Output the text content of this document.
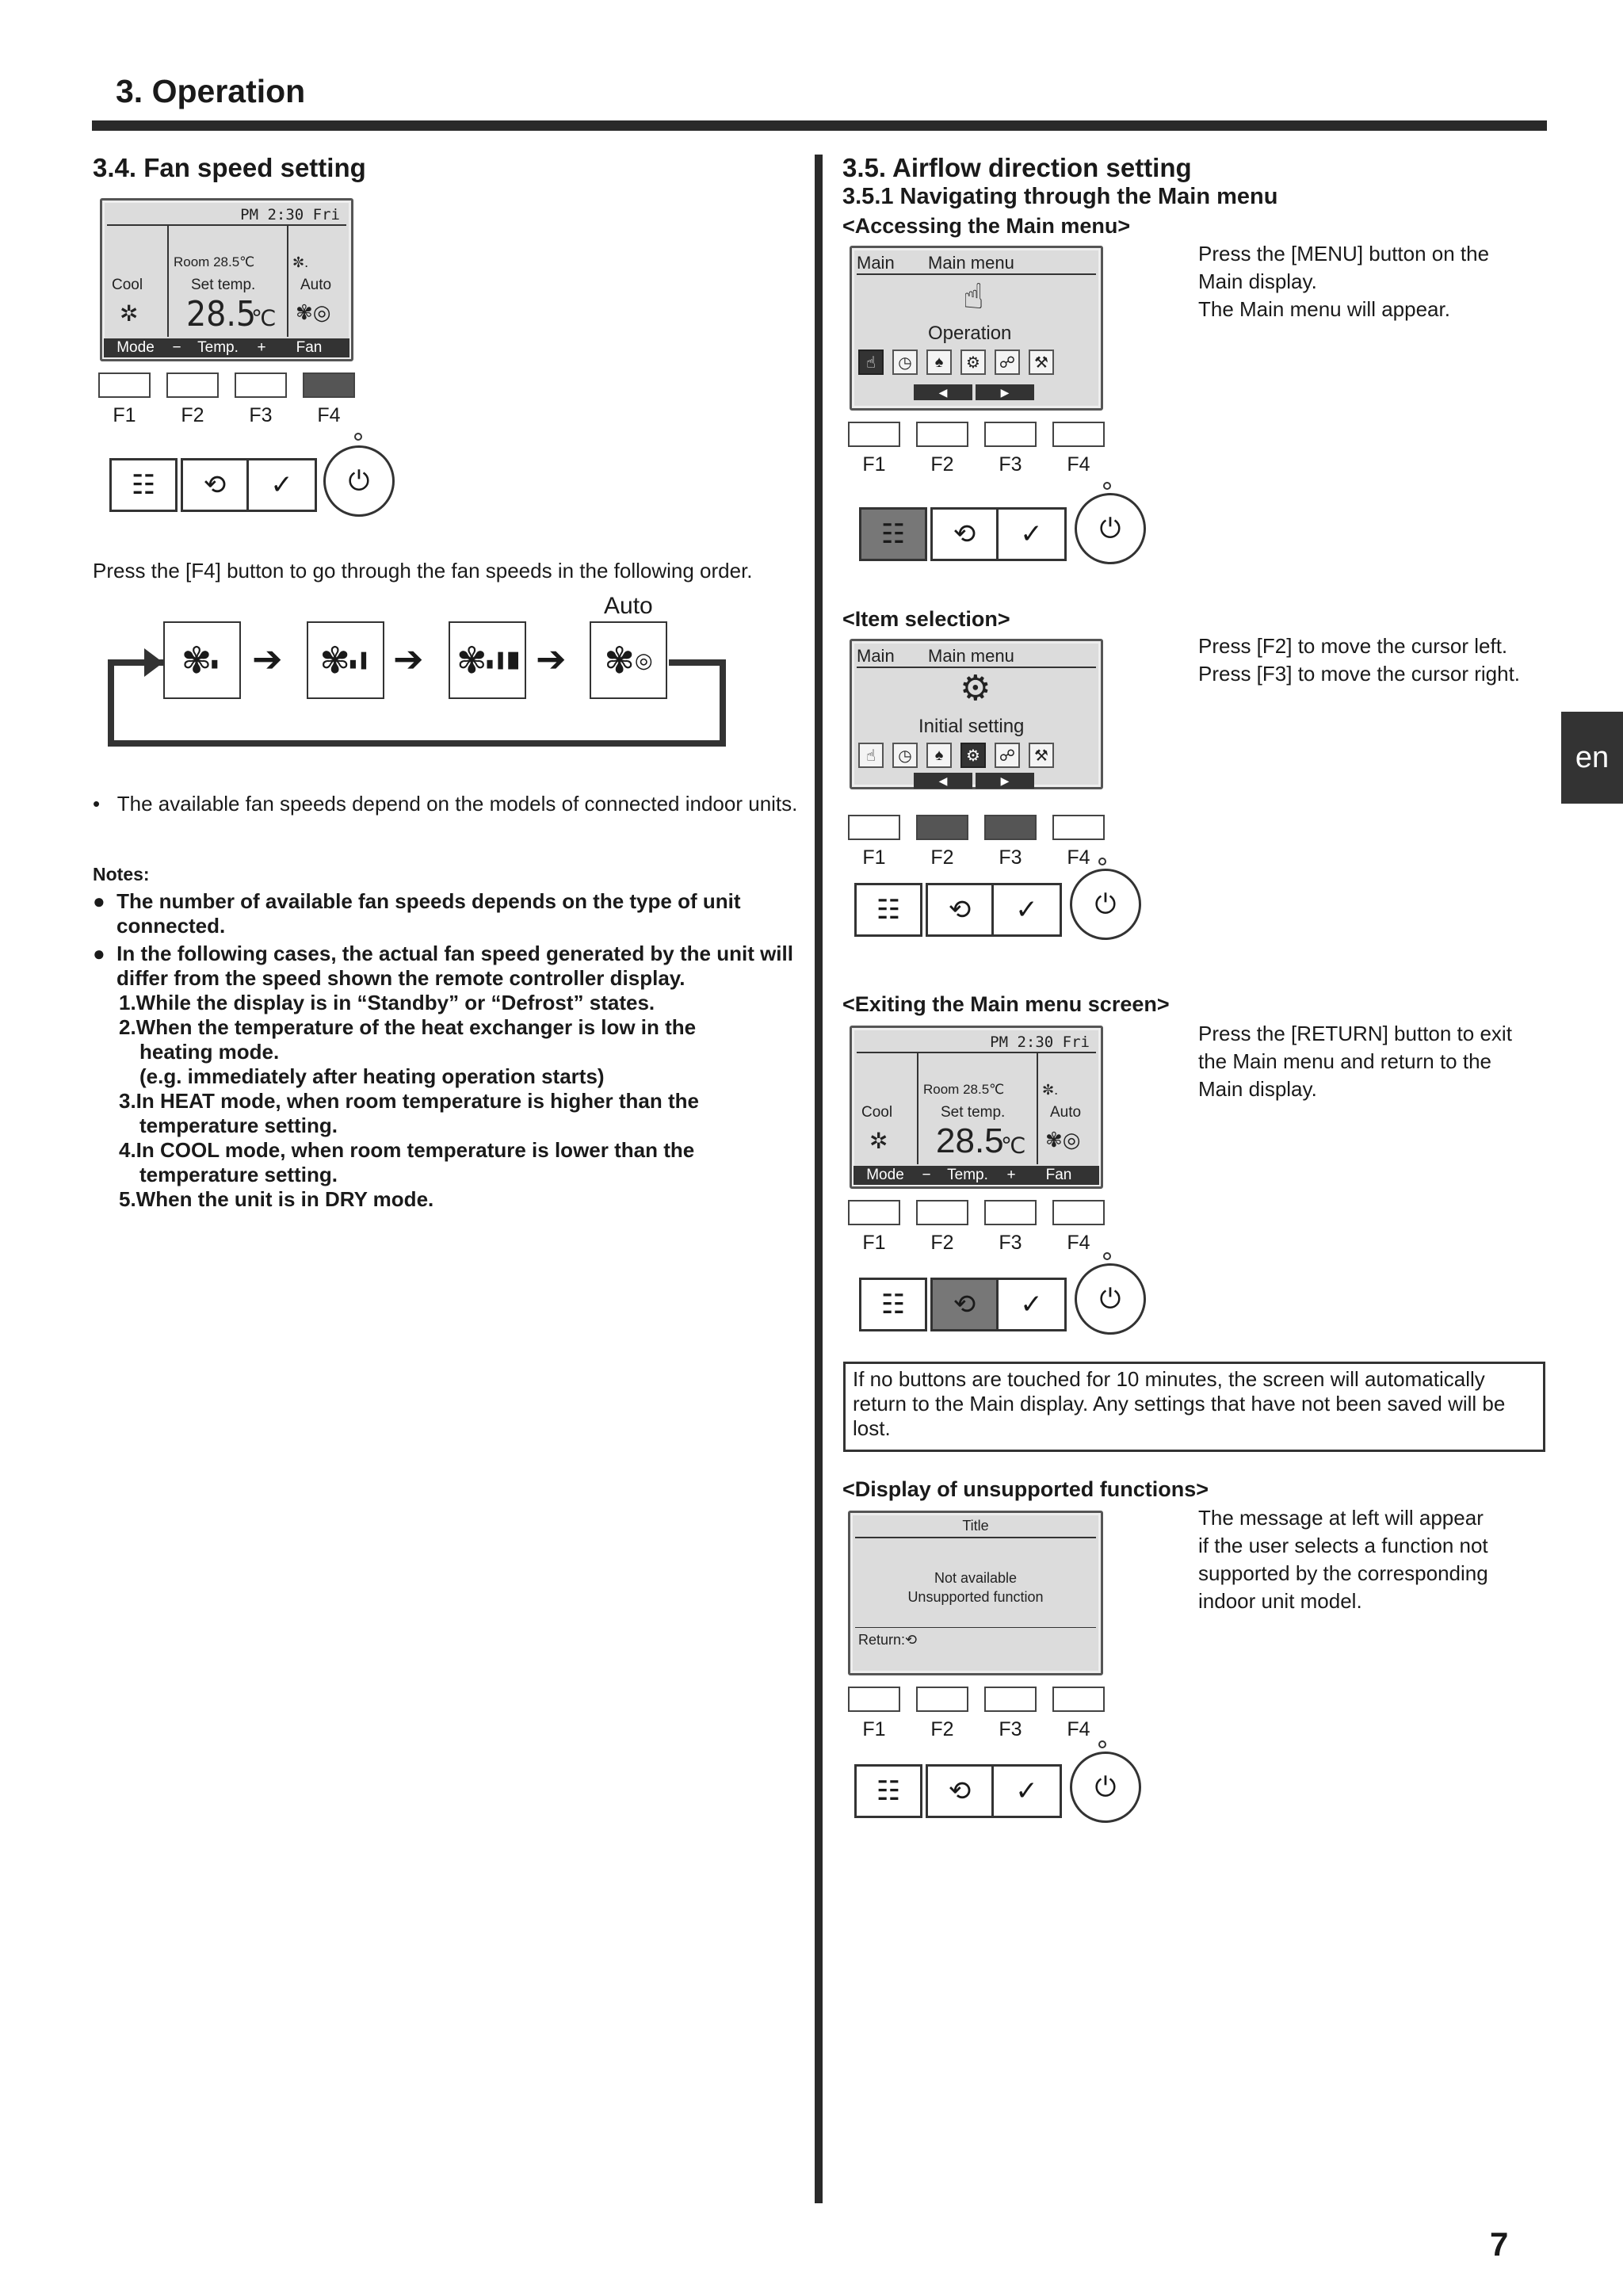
3. Operation
en
7
3.4. Fan speed setting
PM 2:30 Fri
Room 28.5℃	✼.
Cool	Set temp.	Auto
✲ 28.5
℃ ✾◎
Mode	−	Temp.	+	Fan
F1 F2 F3 F4
☷	⟲	✓	⏻
Press the [F4] button to go through the fan speeds in the following order.
Auto
✾ ▖	✾ ▖▌ ✾ ▖▌█	✾ ◎
➔	➔	➔
•   The available fan speeds depend on the models of connected indoor units.
Notes:
●  The number of available fan speeds depends on the type of unit connected.
●  In the following cases, the actual fan speed generated by the unit will differ from the speed shown the remote controller display.
1.While the display is in “Standby” or “Defrost” states.
2.When the temperature of the heat exchanger is low in the heating mode.
(e.g. immediately after heating operation starts)
3.In HEAT mode, when room temperature is higher than the temperature setting.
4.In COOL mode, when room temperature is lower than the temperature setting.
5.When the unit is in DRY mode.
3.5. Airflow direction setting
3.5.1 Navigating through the Main menu
<Accessing the Main menu>
Main Main menu
☝
Operation
☝	◷	♠	⚙	☍	⚒
◀	▶
Press the [MENU] button on the
Main display.
The Main menu will appear.
F1 F2 F3 F4
☷	⟲	✓	⏻
<Item selection>
Main Main menu
⚙
Initial setting
☝	◷	♠	⚙	☍	⚒
◀	▶
Press [F2] to move the cursor left.
Press [F3] to move the cursor right.
F1 F2 F3 F4
☷	⟲	✓	⏻
<Exiting the Main menu screen>
PM 2:30 Fri
Room 28.5℃	✼.
Cool	Set temp.	Auto
✲ 28.5
℃ ✾◎
Mode	−	Temp.	+	Fan
Press the [RETURN] button to exit
the Main menu and return to the
Main display.
F1 F2 F3 F4
☷	⟲	✓	⏻
If no buttons are touched for 10 minutes, the screen will automatically return to the Main display. Any settings that have not been saved will be lost.
<Display of unsupported functions>
Title
Not available
Unsupported function
Return:⟲
The message at left will appear
if the user selects a function not
supported by the corresponding
indoor unit model.
F1 F2 F3 F4
☷	⟲	✓	⏻
